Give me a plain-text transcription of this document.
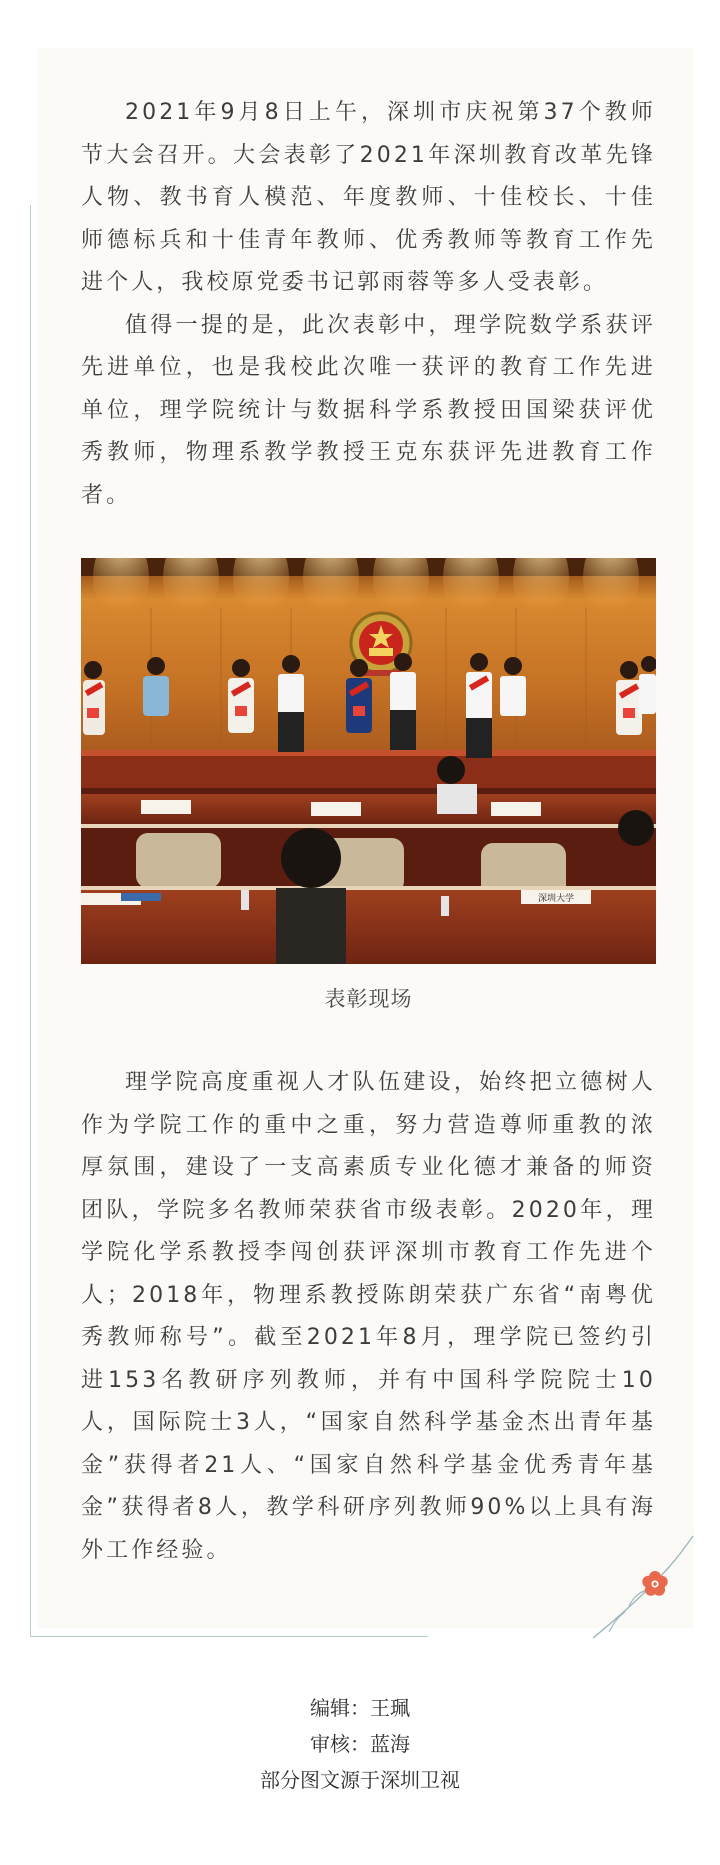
2021年9月8日上午，深圳市庆祝第37个教师节大会召开。大会表彰了2021年深圳教育改革先锋人物、教书育人模范、年度教师、十佳校长、十佳师德标兵和十佳青年教师、优秀教师等教育工作先进个人，我校原党委书记郭雨蓉等多人受表彰。

值得一提的是，此次表彰中，理学院数学系获评先进单位，也是我校此次唯一获评的教育工作先进单位，理学院统计与数据科学系教授田国梁获评优秀教师，物理系教学教授王克东获评先进教育工作者。

深圳大学
表彰现场

理学院高度重视人才队伍建设，始终把立德树人作为学院工作的重中之重，努力营造尊师重教的浓厚氛围，建设了一支高素质专业化德才兼备的师资团队，学院多名教师荣获省市级表彰。2020年，理学院化学系教授李闯创获评深圳市教育工作先进个人；2018年，物理系教授陈朗荣获广东省“南粤优秀教师称号”。截至2021年8月，理学院已签约引进153名教研序列教师，并有中国科学院院士10人，国际院士3人，“国家自然科学基金杰出青年基金”获得者21人、“国家自然科学基金优秀青年基金”获得者8人，教学科研序列教师90%以上具有海外工作经验。

编辑：王珮
审核：蓝海
部分图文源于深圳卫视
